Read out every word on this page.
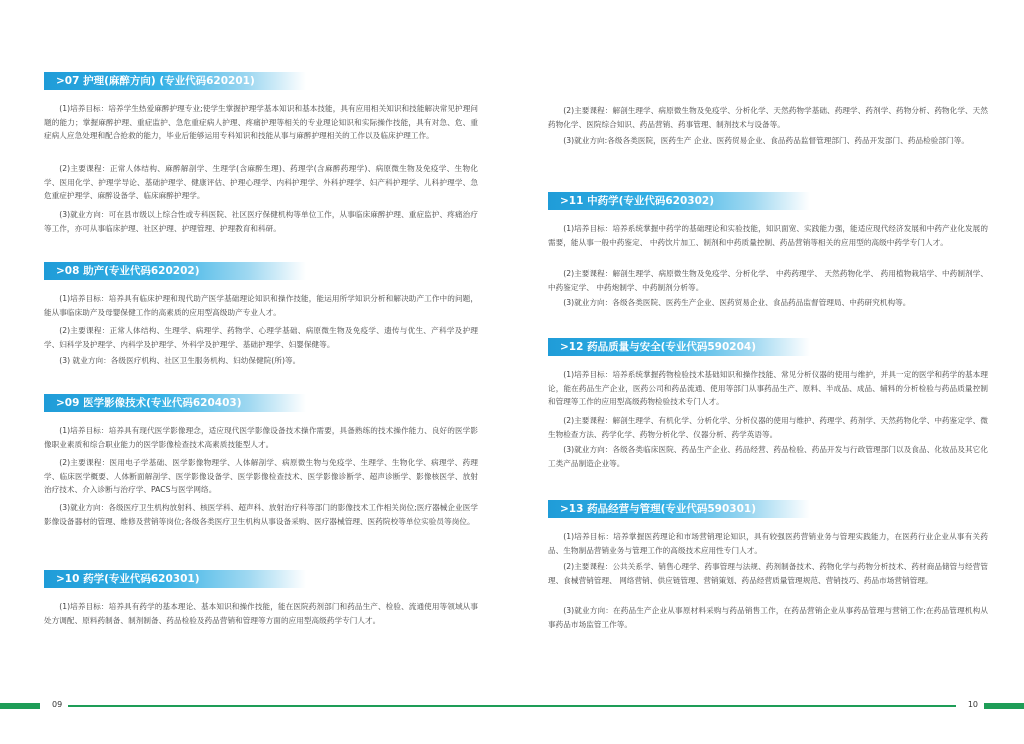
>07 护理(麻醉方向) (专业代码620201)
(1)培养目标：培养学生热爱麻醉护理专业;使学生掌握护理学基本知识和基本技能，具有应用相关知识和技能解决常见护理问题的能力；掌握麻醉护理、重症监护、急危重症病人护理、疼痛护理等相关的专业理论知识和实际操作技能，具有对急、危、重症病人应急处理和配合抢救的能力，毕业后能够运用专科知识和技能从事与麻醉护理相关的工作以及临床护理工作。
(2)主要课程：正常人体结构、麻醉解剖学、生理学(含麻醉生理)、药理学(含麻醉药理学)、病原微生物及免疫学、生物化学、医用化学、护理学导论、基础护理学、健康评估、护理心理学、内科护理学、外科护理学、妇产科护理学、儿科护理学、急危重症护理学、麻醉设备学、临床麻醉护理学。
(3)就业方向：可在县市级以上综合性或专科医院、社区医疗保健机构等单位工作，从事临床麻醉护理、重症监护、疼痛治疗等工作，亦可从事临床护理、社区护理、护理管理、护理教育和科研。
>08 助产(专业代码620202)
(1)培养目标：培养具有临床护理和现代助产医学基础理论知识和操作技能，能运用所学知识分析和解决助产工作中的问题，能从事临床助产及母婴保健工作的高素质的应用型高级助产专业人才。
(2)主要课程：正常人体结构、生理学、病理学、药物学、心理学基础、病原微生物及免疫学、遗传与优生、产科学及护理学、妇科学及护理学、内科学及护理学、外科学及护理学、基础护理学、妇婴保健等。
(3) 就业方向：各级医疗机构、社区卫生服务机构、妇幼保健院(所)等。
>09 医学影像技术(专业代码620403)
(1)培养目标：培养具有现代医学影像理念，适应现代医学影像设备技术操作需要，具备熟练的技术操作能力、良好的医学影像职业素质和综合职业能力的医学影像检查技术高素质技能型人才。
(2)主要课程：医用电子学基础、医学影像物理学、人体解剖学、病原微生物与免疫学、生理学、生物化学、病理学、药理学、临床医学概要、人体断面解剖学、医学影像设备学、医学影像检查技术、医学影像诊断学、超声诊断学、影像核医学、放射治疗技术、介入诊断与治疗学、PACS与医学网络。
(3)就业方向：各级医疗卫生机构放射科、核医学科、超声科、放射治疗科等部门的影像技术工作相关岗位;医疗器械企业医学影像设备器材的管理、维修及营销等岗位;各级各类医疗卫生机构从事设备采购、医疗器械管理、医药院校等单位实验员等岗位。
>10 药学(专业代码620301)
(1)培养目标：培养具有药学的基本理论、基本知识和操作技能，能在医院药剂部门和药品生产、检验、流通使用等领域从事处方调配、原料药制备、制剂制备、药品检验及药品营销和管理等方面的应用型高级药学专门人才。
09
(2)主要课程：解剖生理学、病原微生物及免疫学、分析化学、天然药物学基础、药理学、药剂学、药物分析、药物化学、天然药物化学、医院综合知识、药品营销、药事管理、制剂技术与设备等。
(3)就业方向:各级各类医院，医药生产 企业、医药贸易企业、食品药品监督管理部门、药品开发部门、药品检验部门等。
>11 中药学(专业代码620302)
(1)培养目标：培养系统掌握中药学的基础理论和实验技能，知识面宽、实践能力强，能适应现代经济发展和中药产业化发展的需要，能从事一般中药鉴定、 中药饮片加工、制剂和中药质量控制、药品营销等相关的应用型的高级中药学专门人才。
(2)主要课程：解剖生理学、病原微生物及免疫学、分析化学、 中药药理学、 天然药物化学、 药用植物栽培学、中药制剂学、中药鉴定学、 中药炮制学、中药制剂分析等。
(3)就业方向：各级各类医院、医药生产企业、医药贸易企业、食品药品监督管理局、中药研究机构等。
>12 药品质量与安全(专业代码590204)
(1)培养目标：培养系统掌握药物检验技术基础知识和操作技能、常见分析仪器的使用与维护，并具一定的医学和药学的基本理论，能在药品生产企业，医药公司和药品流通、使用等部门从事药品生产、原料、半成品、成品、辅料的分析检验与药品质量控制和管理等工作的应用型高级药物检验技术专门人才。
(2)主要课程：解剖生理学、有机化学、分析化学、分析仪器的使用与维护、药理学、药剂学、天然药物化学、中药鉴定学、微生物检查方法、药学化学、药物分析化学、仪器分析、药学英语等。
(3)就业方向：各级各类临床医院、药品生产企业、药品经营、药品检验、药品开发与行政管理部门以及食品、化妆品及其它化工类产品制造企业等。
>13 药品经营与管理(专业代码590301)
(1)培养目标：培养掌握医药理论和市场营销理论知识，具有较强医药营销业务与管理实践能力，在医药行业企业从事有关药品、生物制品营销业务与管理工作的高级技术应用性专门人才。
(2)主要课程：公共关系学、销售心理学、药事管理与法规、药剂制备技术、药物化学与药物分析技术、药材商品储管与经营管理、食械营销管理、 网络营销、供应链管理、营销策划、药品经营质量管理规范、营销技巧、药品市场营销管理。
(3)就业方向：在药品生产企业从事原材料采购与药品销售工作，在药品营销企业从事药品管理与营销工作;在药品管理机构从事药品市场监管工作等。
10
